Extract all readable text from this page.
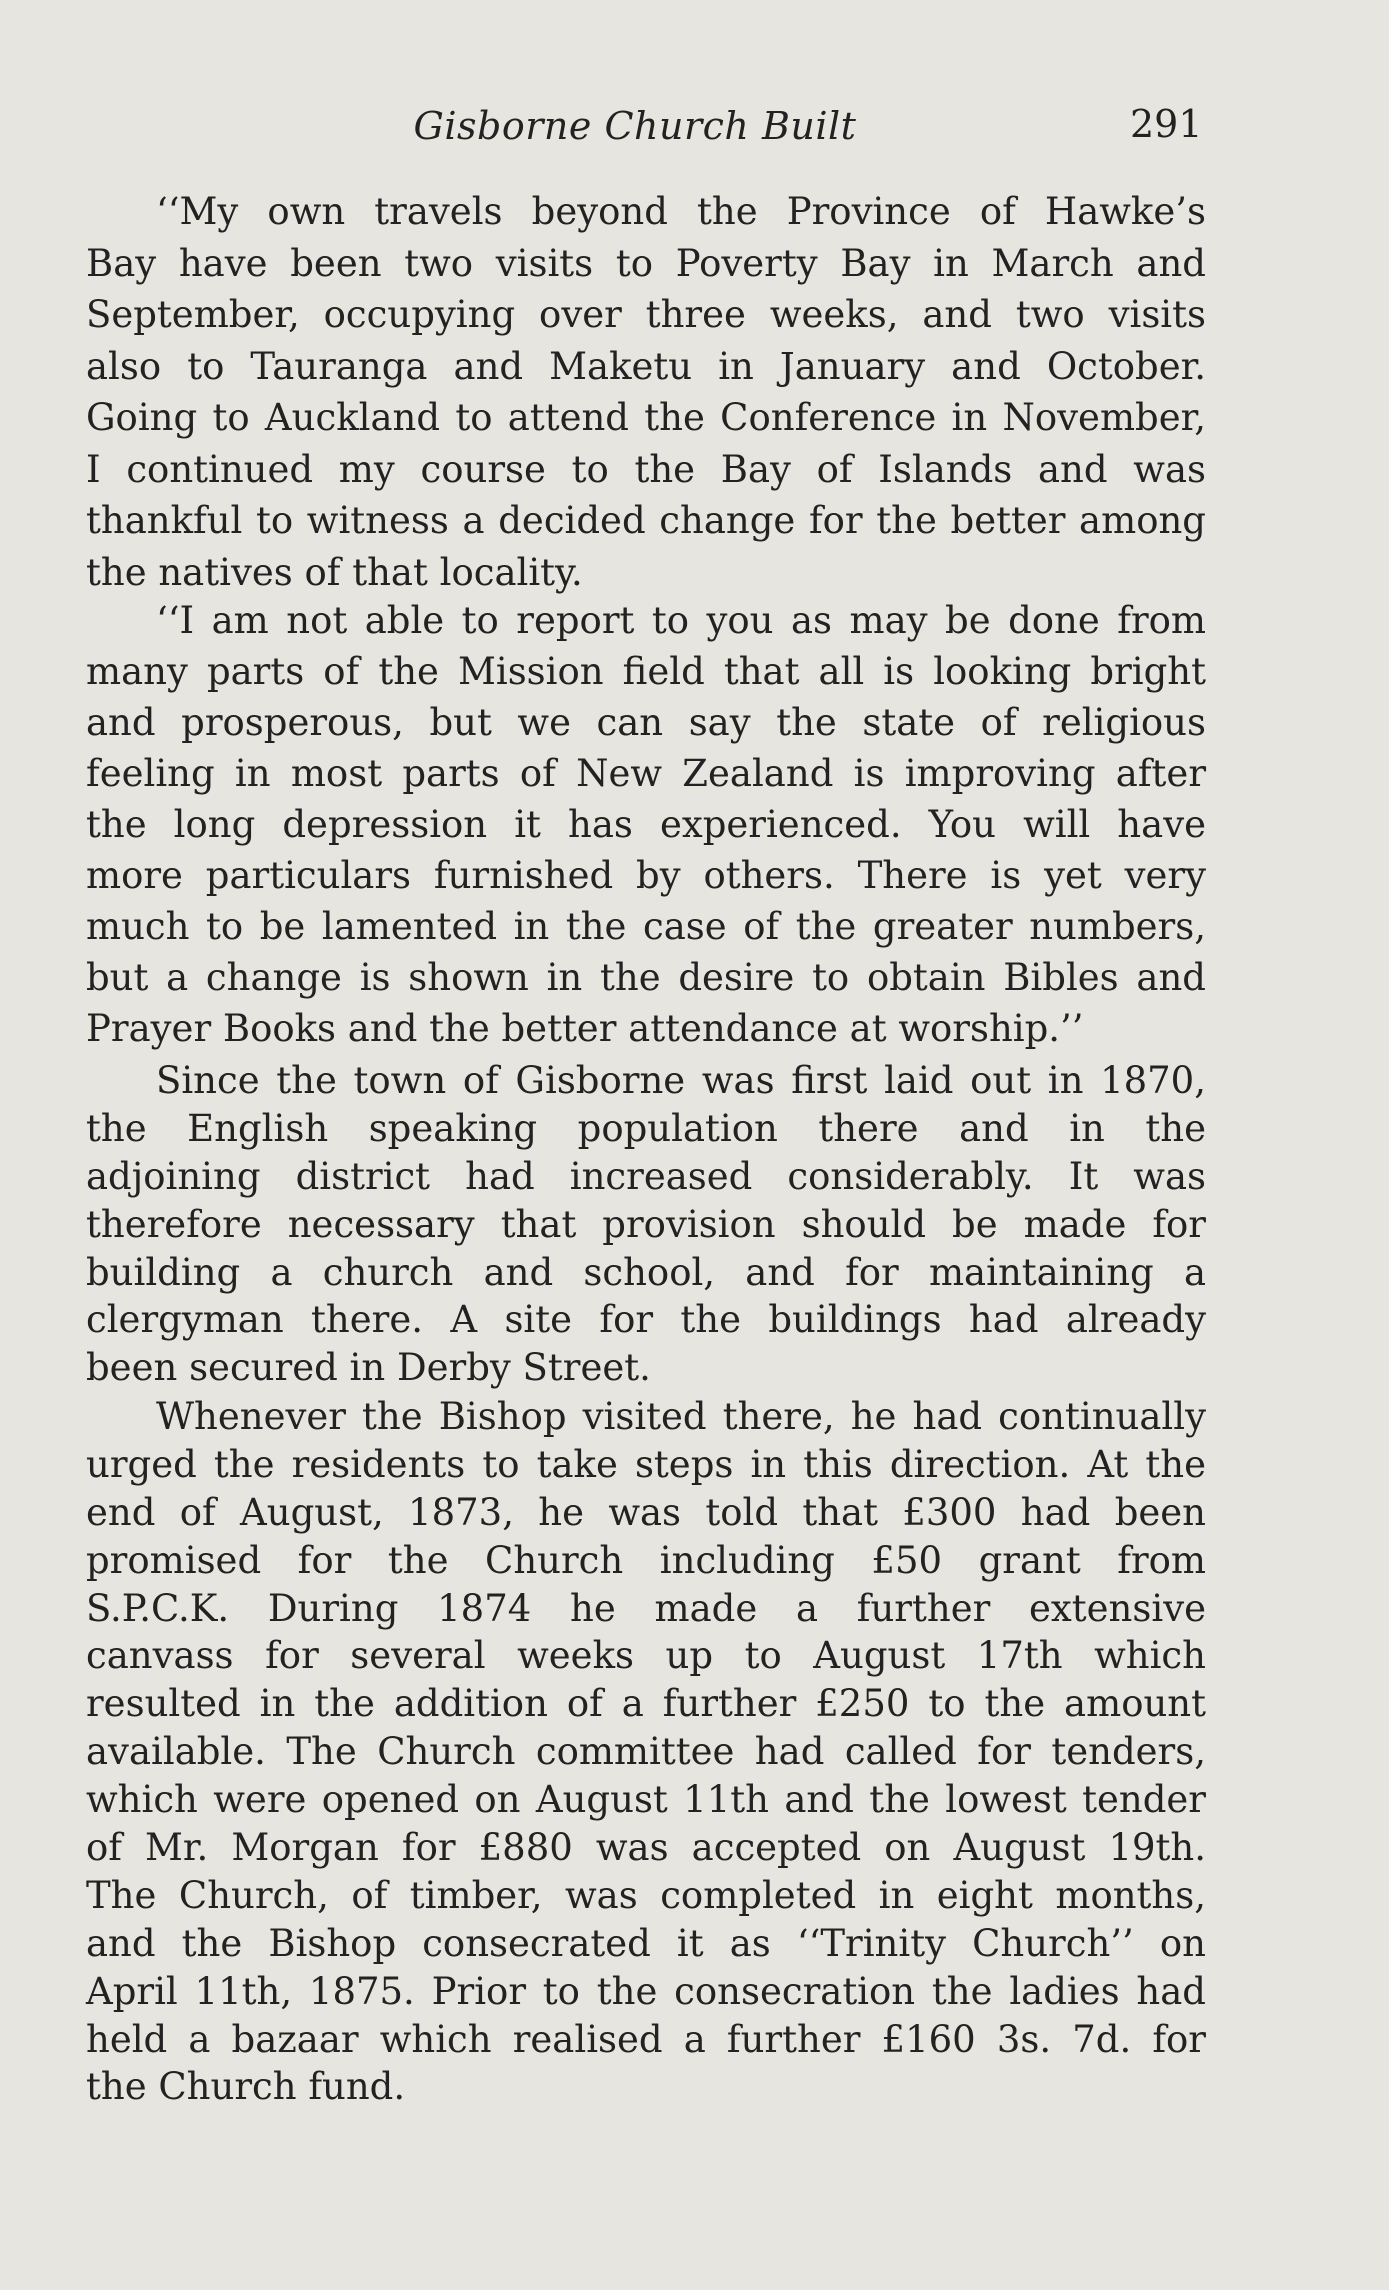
Gisborne Church Built	291
‘‘My own travels beyond the Province of Hawke’s
Bay have been two visits to Poverty Bay in March and
September, occupying over three weeks, and two visits
also to Tauranga and Maketu in January and October.
Going to Auckland to attend the Conference in November,
I continued my course to the Bay of Islands and was
thankful to witness a decided change for the better among
the natives of that locality.
‘‘I am not able to report to you as may be done from
many parts of the Mission field that all is looking bright
and prosperous, but we can say the state of religious
feeling in most parts of New Zealand is improving after
the long depression it has experienced. You will have
more particulars furnished by others. There is yet very
much to be lamented in the case of the greater numbers,
but a change is shown in the desire to obtain Bibles and
Prayer Books and the better attendance at worship.’’
Since the town of Gisborne was first laid out in 1870,
the English speaking population there and in the
adjoining district had increased considerably. It was
therefore necessary that provision should be made for
building a church and school, and for maintaining a
clergyman there. A site for the buildings had already
been secured in Derby Street.
Whenever the Bishop visited there, he had continually
urged the residents to take steps in this direction. At the
end of August, 1873, he was told that £300 had been
promised for the Church including £50 grant from
S.P.C.K. During 1874 he made a further extensive
canvass for several weeks up to August 17th which
resulted in the addition of a further £250 to the amount
available. The Church committee had called for tenders,
which were opened on August 11th and the lowest tender
of Mr. Morgan for £880 was accepted on August 19th.
The Church, of timber, was completed in eight months,
and the Bishop consecrated it as ‘‘Trinity Church’’ on
April 11th, 1875. Prior to the consecration the ladies had
held a bazaar which realised a further £160 3s. 7d. for
the Church fund.
